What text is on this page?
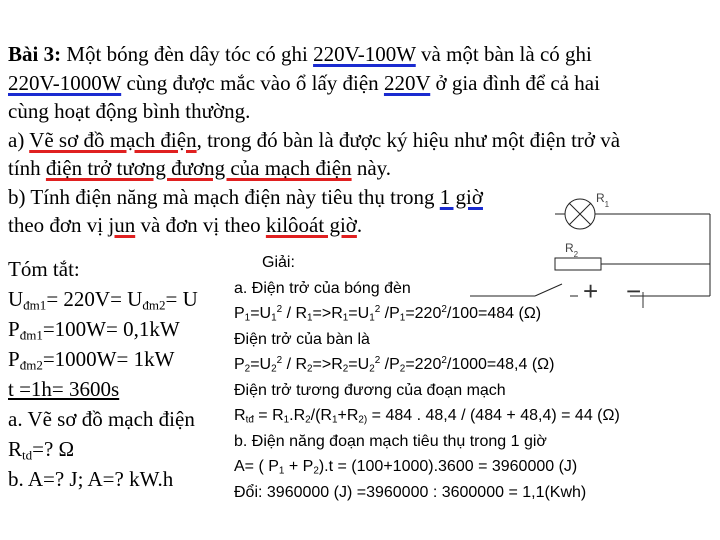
Bài 3: Một bóng đèn dây tóc có ghi 220V-100W và một bàn là có ghi
220V-1000W cùng được mắc vào ổ lấy điện 220V ở gia đình để cả hai
cùng hoạt động bình thường.
a) Vẽ sơ đồ mạch điện, trong đó bàn là được ký hiệu như một điện trở và
tính điện trở tương đương của mạch điện này.
b) Tính điện năng mà mạch điện này tiêu thụ trong 1 giờ
theo đơn vị jun và đơn vị theo kilôoát giờ.
$R_1$
$R_2$
+ −
Tóm tắt:
$U_{đm1}= 220V= U_{đm2}= U$
$P_{đm1}=100W= 0,1kW$
$P_{đm2}=1000W= 1kW$
t =1h= 3600s
a. Vẽ sơ đồ mạch điện
$R_{td}=$? Ω
b. A=? J; A=? kW.h
Giải:
a. Điện trở của bóng đèn
$P_1=U_1^2 / R_1=>R_1=U_1^2$ $/P_1=220^2/100=484$ (Ω)
Điện trở của bàn là
$P_2=U_2^2 / R_2=>R_2=U_2^2$ $/P_2=220^2/1000=48,4$ (Ω)
Điện trở tương đương của đoạn mạch
$R_{tđ} = R_1.R_2/(R_1+R_{2)} = 484$ . 48,4 / (484 + 48,4) = 44 (Ω)
b. Điện năng đoạn mạch tiêu thụ trong 1 giờ
A= ( $P_1 + P_2).t = (100+1000).3600 = 3960000$ (J)
Đổi: 3960000 (J) =3960000 : 3600000 = 1,1(Kwh)
